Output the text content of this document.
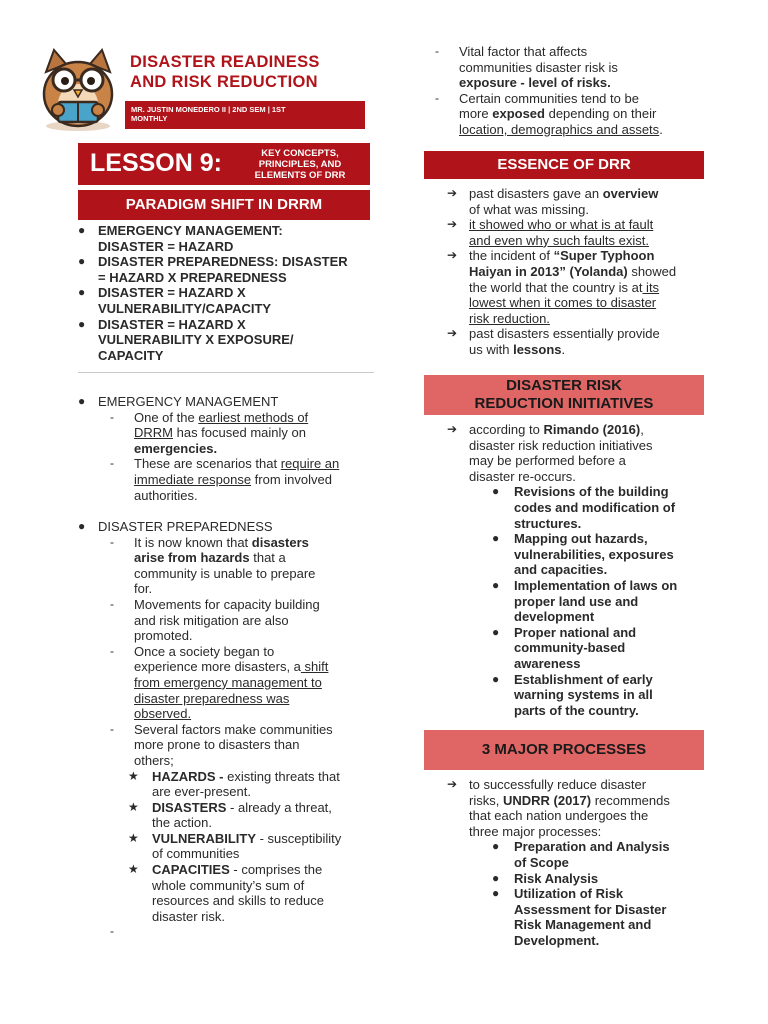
DISASTER READINESS
AND RISK REDUCTION
MR. JUSTIN MONEDERO II | 2ND SEM | 1ST
MONTHLY
LESSON 9:	KEY CONCEPTS,
PRINCIPLES, AND
ELEMENTS OF DRR
PARADIGM SHIFT IN DRRM
● EMERGENCY MANAGEMENT:
DISASTER = HAZARD
● DISASTER PREPAREDNESS: DISASTER
= HAZARD X PREPAREDNESS
● DISASTER = HAZARD X
VULNERABILITY/CAPACITY
● DISASTER = HAZARD X
VULNERABILITY X EXPOSURE/
CAPACITY
● EMERGENCY MANAGEMENT
- One of the earliest methods of
DRRM has focused mainly on
emergencies.
- These are scenarios that require an
immediate response from involved
authorities.
● DISASTER PREPAREDNESS
- It is now known that disasters
arise from hazards that a
community is unable to prepare
for.
- Movements for capacity building
and risk mitigation are also
promoted.
- Once a society began to
experience more disasters, a shift
from emergency management to
disaster preparedness was
observed.
- Several factors make communities
more prone to disasters than
others;
★ HAZARDS - existing threats that
are ever-present.
★ DISASTERS - already a threat,
the action.
★ VULNERABILITY - susceptibility
of communities
★ CAPACITIES - comprises the
whole community’s sum of
resources and skills to reduce
disaster risk.
-
- Vital factor that affects
communities disaster risk is
exposure - level of risks.
- Certain communities tend to be
more exposed depending on their
location, demographics and assets.
ESSENCE OF DRR
➔ past disasters gave an overview
of what was missing.
➔ it showed who or what is at fault
and even why such faults exist.
➔ the incident of “Super Typhoon
Haiyan in 2013” (Yolanda) showed
the world that the country is at its
lowest when it comes to disaster
risk reduction.
➔ past disasters essentially provide
us with lessons.
DISASTER RISK
REDUCTION INITIATIVES
➔ according to Rimando (2016),
disaster risk reduction initiatives
may be performed before a
disaster re-occurs.
● Revisions of the building
codes and modification of
structures.
● Mapping out hazards,
vulnerabilities, exposures
and capacities.
● Implementation of laws on
proper land use and
development
● Proper national and
community-based
awareness
● Establishment of early
warning systems in all
parts of the country.
3 MAJOR PROCESSES
➔ to successfully reduce disaster
risks, UNDRR (2017) recommends
that each nation undergoes the
three major processes:
● Preparation and Analysis
of Scope
● Risk Analysis
● Utilization of Risk
Assessment for Disaster
Risk Management and
Development.
